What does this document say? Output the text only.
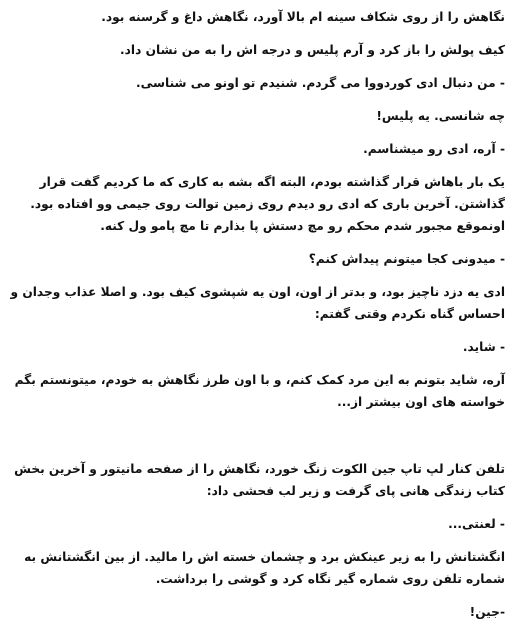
نگاهش را از روی شکاف سینه ام بالا آورد، نگاهش داغ و گرسنه بود.

کیف پولش را باز کرد و آرم پلیس و درجه اش را به من نشان داد.

- من دنبال ادی کوردووا می گردم. شنیدم تو اونو می شناسی.

چه شانسی. یه پلیس!

- آره، ادی رو میشناسم.

یک بار باهاش قرار گذاشته بودم، البته اگه بشه به کاری که ما کردیم گفت قرار گذاشتن. آخرین باری که ادی رو دیدم روی زمین توالت روی جیمی وو افتاده بود. اونموقع مجبور شدم محکم رو مچ دستش پا بذارم تا مچ پامو ول کنه.

- میدونی کجا میتونم پیداش کنم؟

ادی یه دزد ناچیز بود، و بدتر از اون، اون یه شپشوی کیف بود. و اصلا عذاب وجدان و احساس گناه نکردم وقتی گفتم:

- شاید.

آره، شاید بتونم به این مرد کمک کنم، و با اون طرز نگاهش به خودم، میتونستم بگم خواسته های اون بیشتر از...

تلفن کنار لپ تاپ جین الکوت زنگ خورد، نگاهش را از صفحه مانیتور و آخرین بخش کتاب زندگی هانی پای گرفت و زیر لب فحشی داد:

- لعنتی...

انگشتانش را به زیر عینکش برد و چشمان خسته اش را مالید. از بین انگشتانش به شماره تلفن روی شماره گیر نگاه کرد و گوشی را برداشت.

-جین!
